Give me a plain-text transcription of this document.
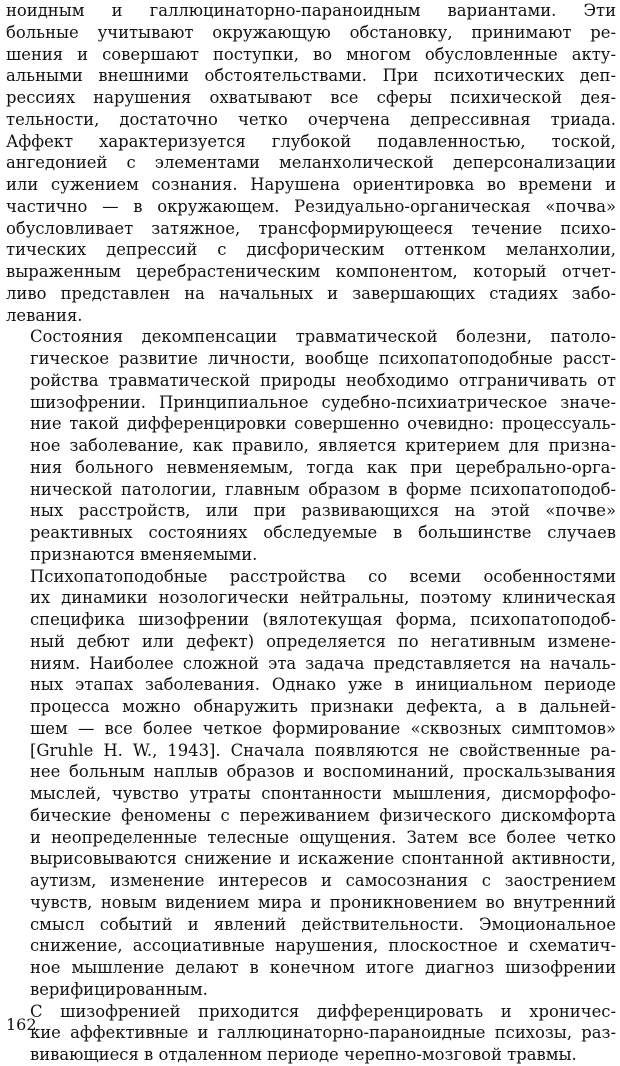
ноидным и галлюцинаторно-параноидным вариантами. Эти
больные учитывают окружающую обстановку, принимают ре-
шения и совершают поступки, во многом обусловленные акту-
альными внешними обстоятельствами. При психотических деп-
рессиях нарушения охватывают все сферы психической дея-
тельности, достаточно четко очерчена депрессивная триада.
Аффект характеризуется глубокой подавленностью, тоской,
ангедонией с элементами меланхолической деперсонализации
или сужением сознания. Нарушена ориентировка во времени и
частично — в окружающем. Резидуально-органическая «почва»
обусловливает затяжное, трансформирующееся течение психо-
тических депрессий с дисфорическим оттенком меланхолии,
выраженным церебрастеническим компонентом, который отчет-
ливо представлен на начальных и завершающих стадиях забо-
левания.

Состояния декомпенсации травматической болезни, патоло-
гическое развитие личности, вообще психопатоподобные расст-
ройства травматической природы необходимо отграничивать от
шизофрении. Принципиальное судебно-психиатрическое значе-
ние такой дифференцировки совершенно очевидно: процессуаль-
ное заболевание, как правило, является критерием для призна-
ния больного невменяемым, тогда как при церебрально-орга-
нической патологии, главным образом в форме психопатоподоб-
ных расстройств, или при развивающихся на этой «почве»
реактивных состояниях обследуемые в большинстве случаев
признаются вменяемыми.

Психопатоподобные расстройства со всеми особенностями
их динамики нозологически нейтральны, поэтому клиническая
специфика шизофрении (вялотекущая форма, психопатоподоб-
ный дебют или дефект) определяется по негативным измене-
ниям. Наиболее сложной эта задача представляется на началь-
ных этапах заболевания. Однако уже в инициальном периоде
процесса можно обнаружить признаки дефекта, а в дальней-
шем — все более четкое формирование «сквозных симптомов»
[Gruhle H. W., 1943]. Сначала появляются не свойственные ра-
нее больным наплыв образов и воспоминаний, проскальзывания
мыслей, чувство утраты спонтанности мышления, дисморфофо-
бические феномены с переживанием физического дискомфорта
и неопределенные телесные ощущения. Затем все более четко
вырисовываются снижение и искажение спонтанной активности,
аутизм, изменение интересов и самосознания с заострением
чувств, новым видением мира и проникновением во внутренний
смысл событий и явлений действительности. Эмоциональное
снижение, ассоциативные нарушения, плоскостное и схематич-
ное мышление делают в конечном итоге диагноз шизофрении
верифицированным.

С шизофренией приходится дифференцировать и хроничес-
кие аффективные и галлюцинаторно-параноидные психозы, раз-
вивающиеся в отдаленном периоде черепно-мозговой травмы.

162
